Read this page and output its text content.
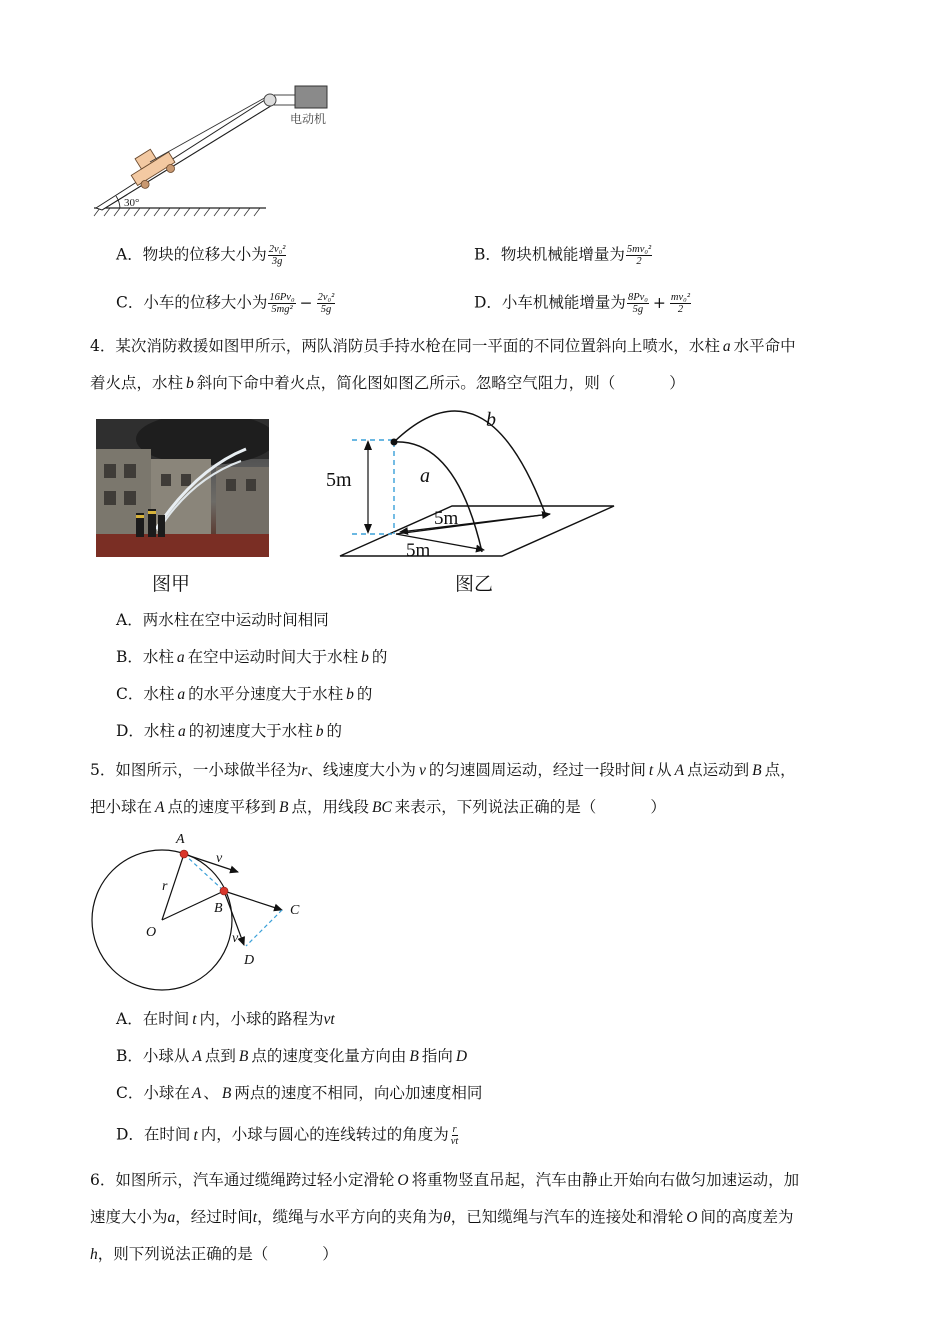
30°
电动机
A．物块的位移大小为 $\frac{\text{2v₀²}}{3g}$	B．物块机械能增量为 $\frac{\text{5mv₀²}}{2}$
C．小车的位移大小为 $\frac{\text{16Pv₀}}{\text{5mg²}} - \frac{\text{2v₀²}}{5g}$	D．小车机械能增量为 $\frac{\text{8Pv₀}}{5g} + \frac{\text{mv₀²}}{2}$
4．某次消防救援如图甲所示，两队消防员手持水枪在同一平面的不同位置斜向上喷水，水柱 a 水平命中
着火点，水柱 b 斜向下命中着火点，简化图如图乙所示。忽略空气阻力，则（	）
图甲
5m
5m
5m
a
b
图乙
A．两水柱在空中运动时间相同
B．水柱 a 在空中运动时间大于水柱 b 的
C．水柱 a 的水平分速度大于水柱 b 的
D．水柱 a 的初速度大于水柱 b 的
5．如图所示，一小球做半径为r、线速度大小为 v 的匀速圆周运动，经过一段时间 t 从 A 点运动到 B 点，
把小球在 A 点的速度平移到 B 点，用线段 BC 来表示，下列说法正确的是（	）
A
B	C
D
O
r
v
v
A．在时间 t 内，小球的路程为vt
B．小球从 A 点到 B 点的速度变化量方向由 B 指向 D
C．小球在 A 、 B 两点的速度不相同，向心加速度相同
D．在时间 t 内，小球与圆心的连线转过的角度为 $\frac{r}{vt}$
6．如图所示，汽车通过缆绳跨过轻小定滑轮 O 将重物竖直吊起，汽车由静止开始向右做匀加速运动，加
速度大小为a，经过时间t，缆绳与水平方向的夹角为θ，已知缆绳与汽车的连接处和滑轮 O 间的高度差为
h，则下列说法正确的是（	）
